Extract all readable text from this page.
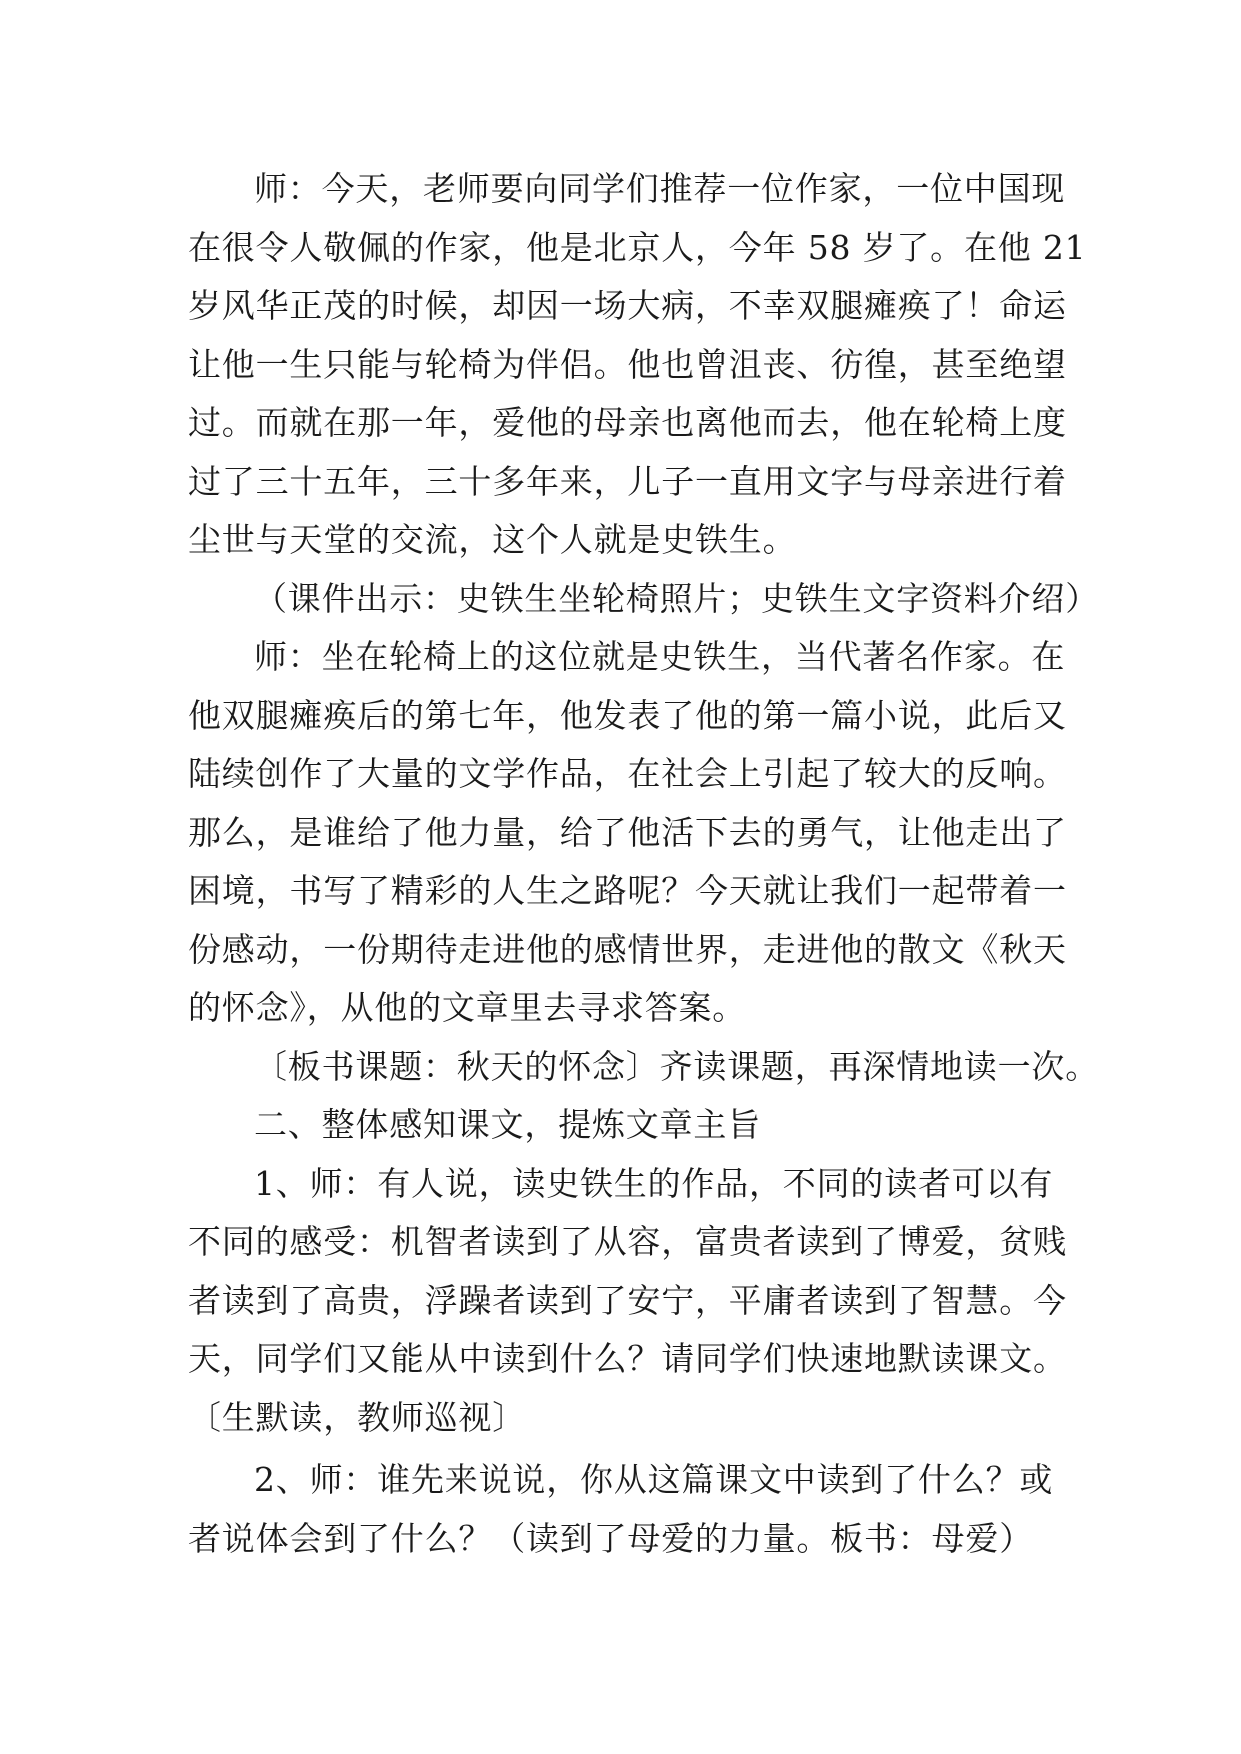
师：今天，老师要向同学们推荐一位作家，一位中国现
在很令人敬佩的作家，他是北京人，今年 58 岁了。在他 21
岁风华正茂的时候，却因一场大病，不幸双腿瘫痪了！命运
让他一生只能与轮椅为伴侣。他也曾沮丧、彷徨，甚至绝望
过。而就在那一年，爱他的母亲也离他而去，他在轮椅上度
过了三十五年，三十多年来，儿子一直用文字与母亲进行着
尘世与天堂的交流，这个人就是史铁生。
（课件出示：史铁生坐轮椅照片；史铁生文字资料介绍）
师：坐在轮椅上的这位就是史铁生，当代著名作家。在
他双腿瘫痪后的第七年，他发表了他的第一篇小说，此后又
陆续创作了大量的文学作品，在社会上引起了较大的反响。
那么，是谁给了他力量，给了他活下去的勇气，让他走出了
困境，书写了精彩的人生之路呢？今天就让我们一起带着一
份感动，一份期待走进他的感情世界，走进他的散文《秋天
的怀念》，从他的文章里去寻求答案。
〔板书课题：秋天的怀念〕齐读课题，再深情地读一次。
二、整体感知课文，提炼文章主旨
1、师：有人说，读史铁生的作品，不同的读者可以有
不同的感受：机智者读到了从容，富贵者读到了博爱，贫贱
者读到了高贵，浮躁者读到了安宁，平庸者读到了智慧。今
天，同学们又能从中读到什么？请同学们快速地默读课文。
〔生默读，教师巡视〕
2、师：谁先来说说，你从这篇课文中读到了什么？或
者说体会到了什么？（读到了母爱的力量。板书：母爱）
